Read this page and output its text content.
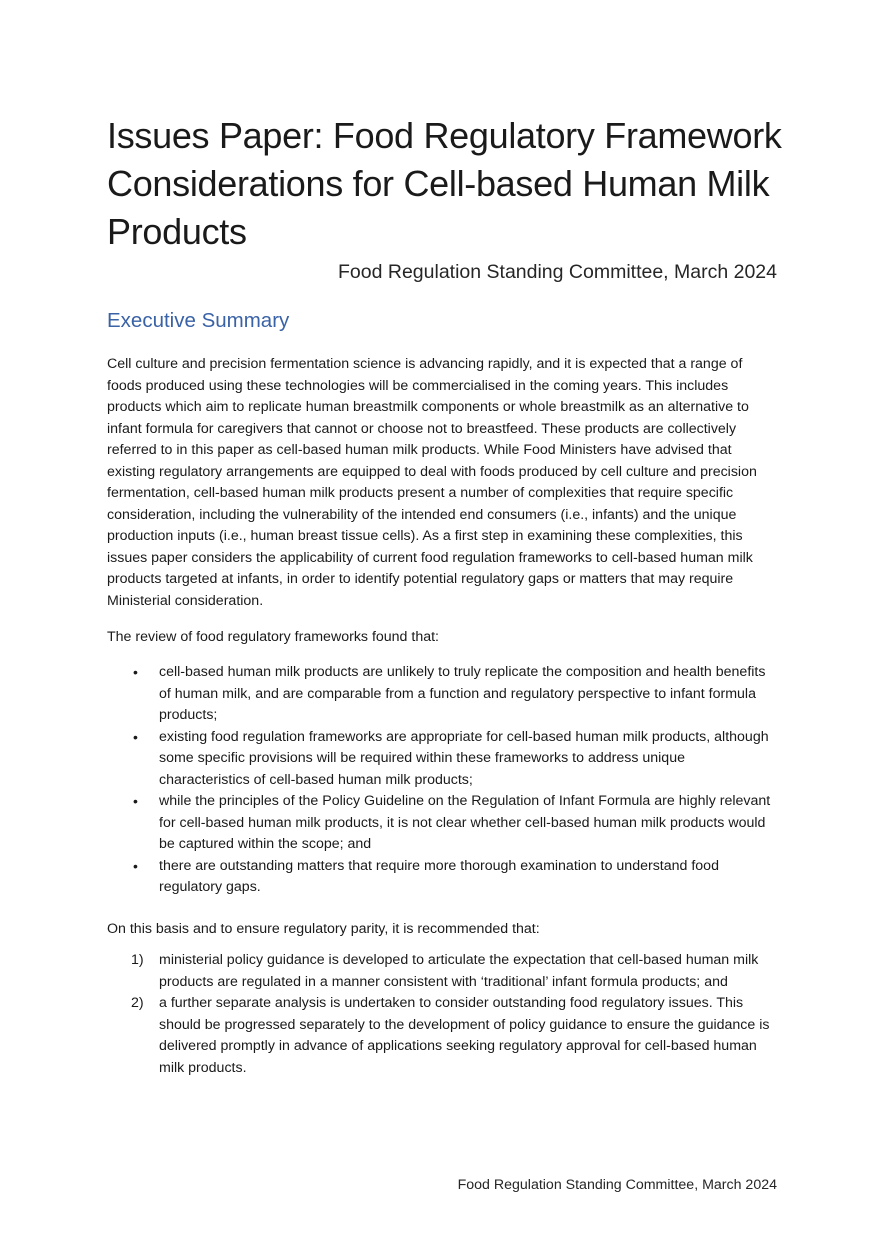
Issues Paper: Food Regulatory Framework Considerations for Cell-based Human Milk Products

Food Regulation Standing Committee, March 2024

Executive Summary

Cell culture and precision fermentation science is advancing rapidly, and it is expected that a range of foods produced using these technologies will be commercialised in the coming years. This includes products which aim to replicate human breastmilk components or whole breastmilk as an alternative to infant formula for caregivers that cannot or choose not to breastfeed. These products are collectively referred to in this paper as cell-based human milk products. While Food Ministers have advised that existing regulatory arrangements are equipped to deal with foods produced by cell culture and precision fermentation, cell-based human milk products present a number of complexities that require specific consideration, including the vulnerability of the intended end consumers (i.e., infants) and the unique production inputs (i.e., human breast tissue cells). As a first step in examining these complexities, this issues paper considers the applicability of current food regulation frameworks to cell-based human milk products targeted at infants, in order to identify potential regulatory gaps or matters that may require Ministerial consideration.

The review of food regulatory frameworks found that:

• cell-based human milk products are unlikely to truly replicate the composition and health benefits of human milk, and are comparable from a function and regulatory perspective to infant formula products;
• existing food regulation frameworks are appropriate for cell-based human milk products, although some specific provisions will be required within these frameworks to address unique characteristics of cell-based human milk products;
• while the principles of the Policy Guideline on the Regulation of Infant Formula are highly relevant for cell-based human milk products, it is not clear whether cell-based human milk products would be captured within the scope; and
• there are outstanding matters that require more thorough examination to understand food regulatory gaps.

On this basis and to ensure regulatory parity, it is recommended that:

1) ministerial policy guidance is developed to articulate the expectation that cell-based human milk products are regulated in a manner consistent with ‘traditional’ infant formula products; and
2) a further separate analysis is undertaken to consider outstanding food regulatory issues. This should be progressed separately to the development of policy guidance to ensure the guidance is delivered promptly in advance of applications seeking regulatory approval for cell-based human milk products.
Food Regulation Standing Committee, March 2024
